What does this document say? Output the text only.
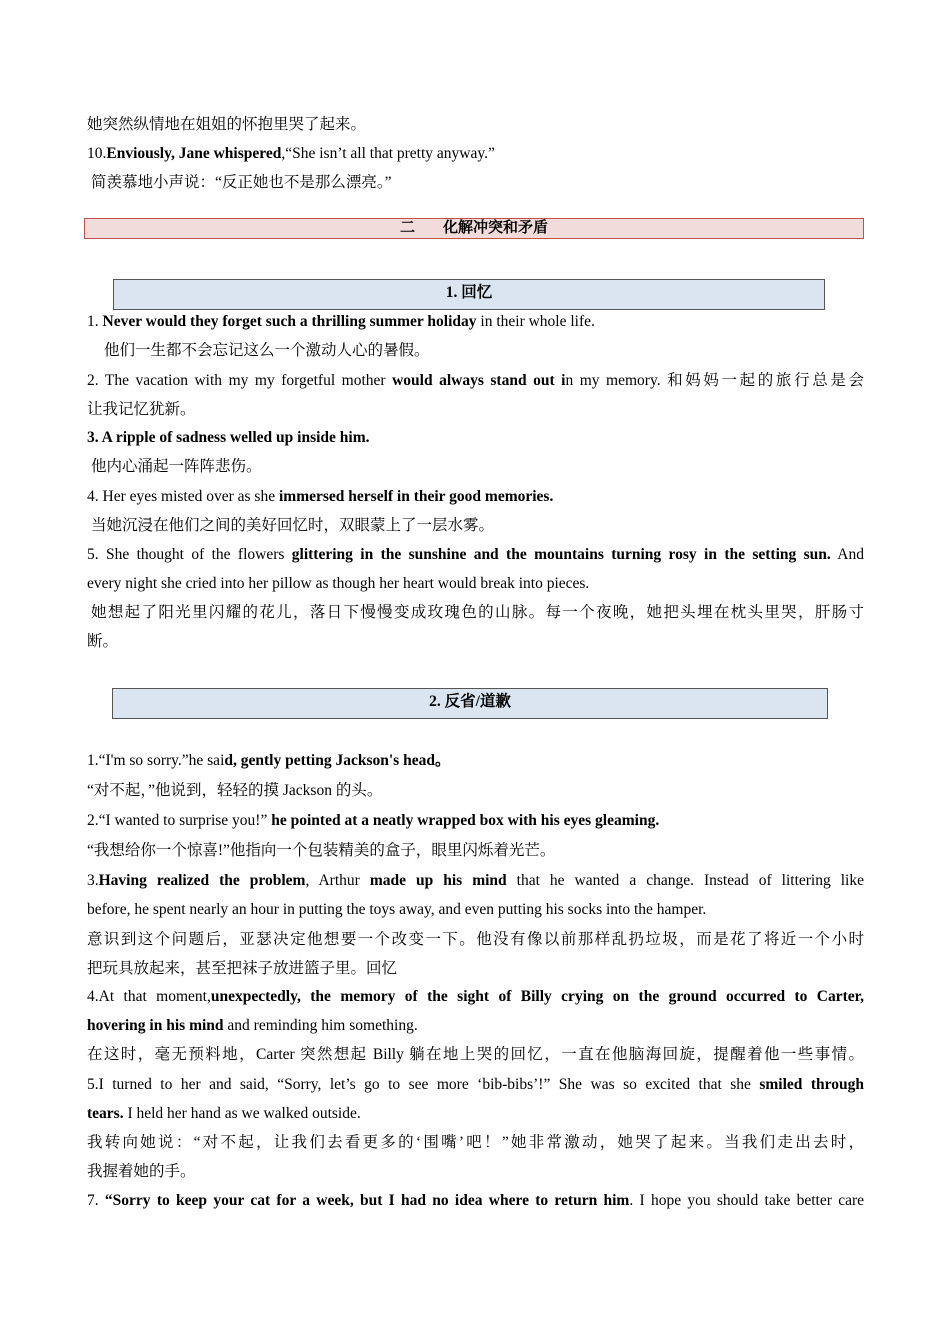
她突然纵情地在姐姐的怀抱里哭了起来。
10.Enviously, Jane whispered,“She isn’t all that pretty anyway.”
简羡慕地小声说：“反正她也不是那么漂亮。”
二 化解冲突和矛盾
1. 回忆
1. Never would they forget such a thrilling summer holiday in their whole life.
他们一生都不会忘记这么一个激动人心的暑假。
2. The vacation with my my forgetful mother would always stand out in my memory. 和妈妈一起的旅行总是会
让我记忆犹新。
3. A ripple of sadness welled up inside him.
他内心涌起一阵阵悲伤。
4. Her eyes misted over as she immersed herself in their good memories.
当她沉浸在他们之间的美好回忆时，双眼蒙上了一层水雾。
5. She thought of the flowers glittering in the sunshine and the mountains turning rosy in the setting sun. And
every night she cried into her pillow as though her heart would break into pieces.
她想起了阳光里闪耀的花儿，落日下慢慢变成玫瑰色的山脉。每一个夜晚，她把头埋在枕头里哭，肝肠寸
断。
2. 反省/道歉
1.“I'm so sorry.”he said, gently petting Jackson's head。
“对不起，”他说到，轻轻的摸 Jackson 的头。
2.“I wanted to surprise you!” he pointed at a neatly wrapped box with his eyes gleaming.
“我想给你一个惊喜!”他指向一个包装精美的盒子，眼里闪烁着光芒。
3.Having realized the problem, Arthur made up his mind that he wanted a change. Instead of littering like
before, he spent nearly an hour in putting the toys away, and even putting his socks into the hamper.
意识到这个问题后，亚瑟决定他想要一个改变一下。他没有像以前那样乱扔垃圾，而是花了将近一个小时
把玩具放起来，甚至把袜子放进篮子里。回忆
4.At that moment,unexpectedly, the memory of the sight of Billy crying on the ground occurred to Carter,
hovering in his mind and reminding him something.
在这时，毫无预料地，Carter 突然想起 Billy 躺在地上哭的回忆，一直在他脑海回旋，提醒着他一些事情。
5.I turned to her and said, “Sorry, let’s go to see more ‘bib-bibs’!” She was so excited that she smiled through
tears. I held her hand as we walked outside.
我转向她说：“对不起，让我们去看更多的‘围嘴’吧！”她非常激动，她哭了起来。当我们走出去时，
我握着她的手。
7. “Sorry to keep your cat for a week, but I had no idea where to return him. I hope you should take better care
